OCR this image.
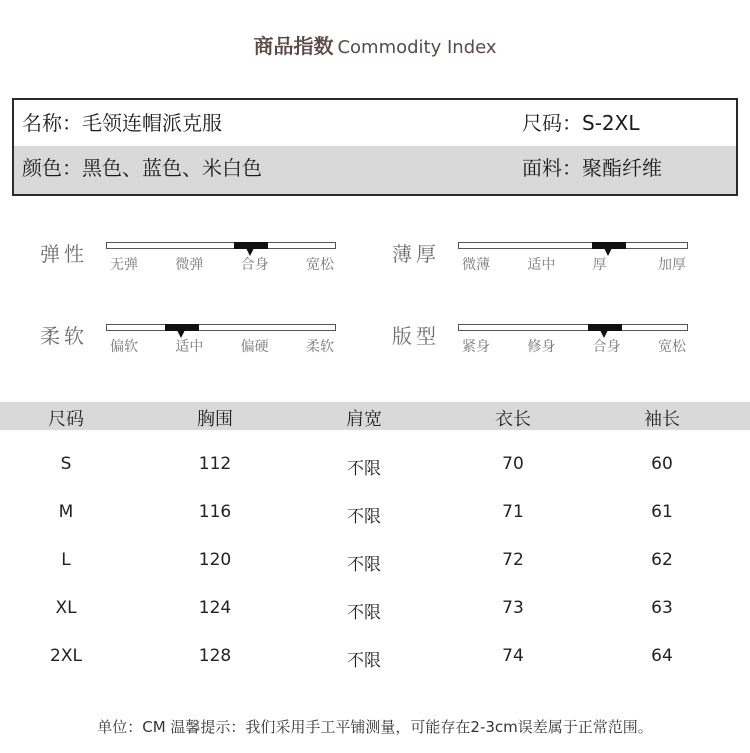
商品指数 Commodity Index
名称：毛领连帽派克服	尺码：S-2XL
颜色：黑色、蓝色、米白色	面料：聚酯纤维
弹性 无弹	微弹	合身	宽松	薄厚 微薄	适中	厚	加厚
柔软 偏软	适中	偏硬	柔软	版型 紧身	修身	合身	宽松
尺码	胸围	肩宽	衣长	袖长
S	112	不限	70	60
M	116	不限	71	61
L	120	不限	72	62
XL	124	不限	73	63
2XL	128	不限	74	64
单位：CM 温馨提示：我们采用手工平铺测量，可能存在2-3cm误差属于正常范围。
